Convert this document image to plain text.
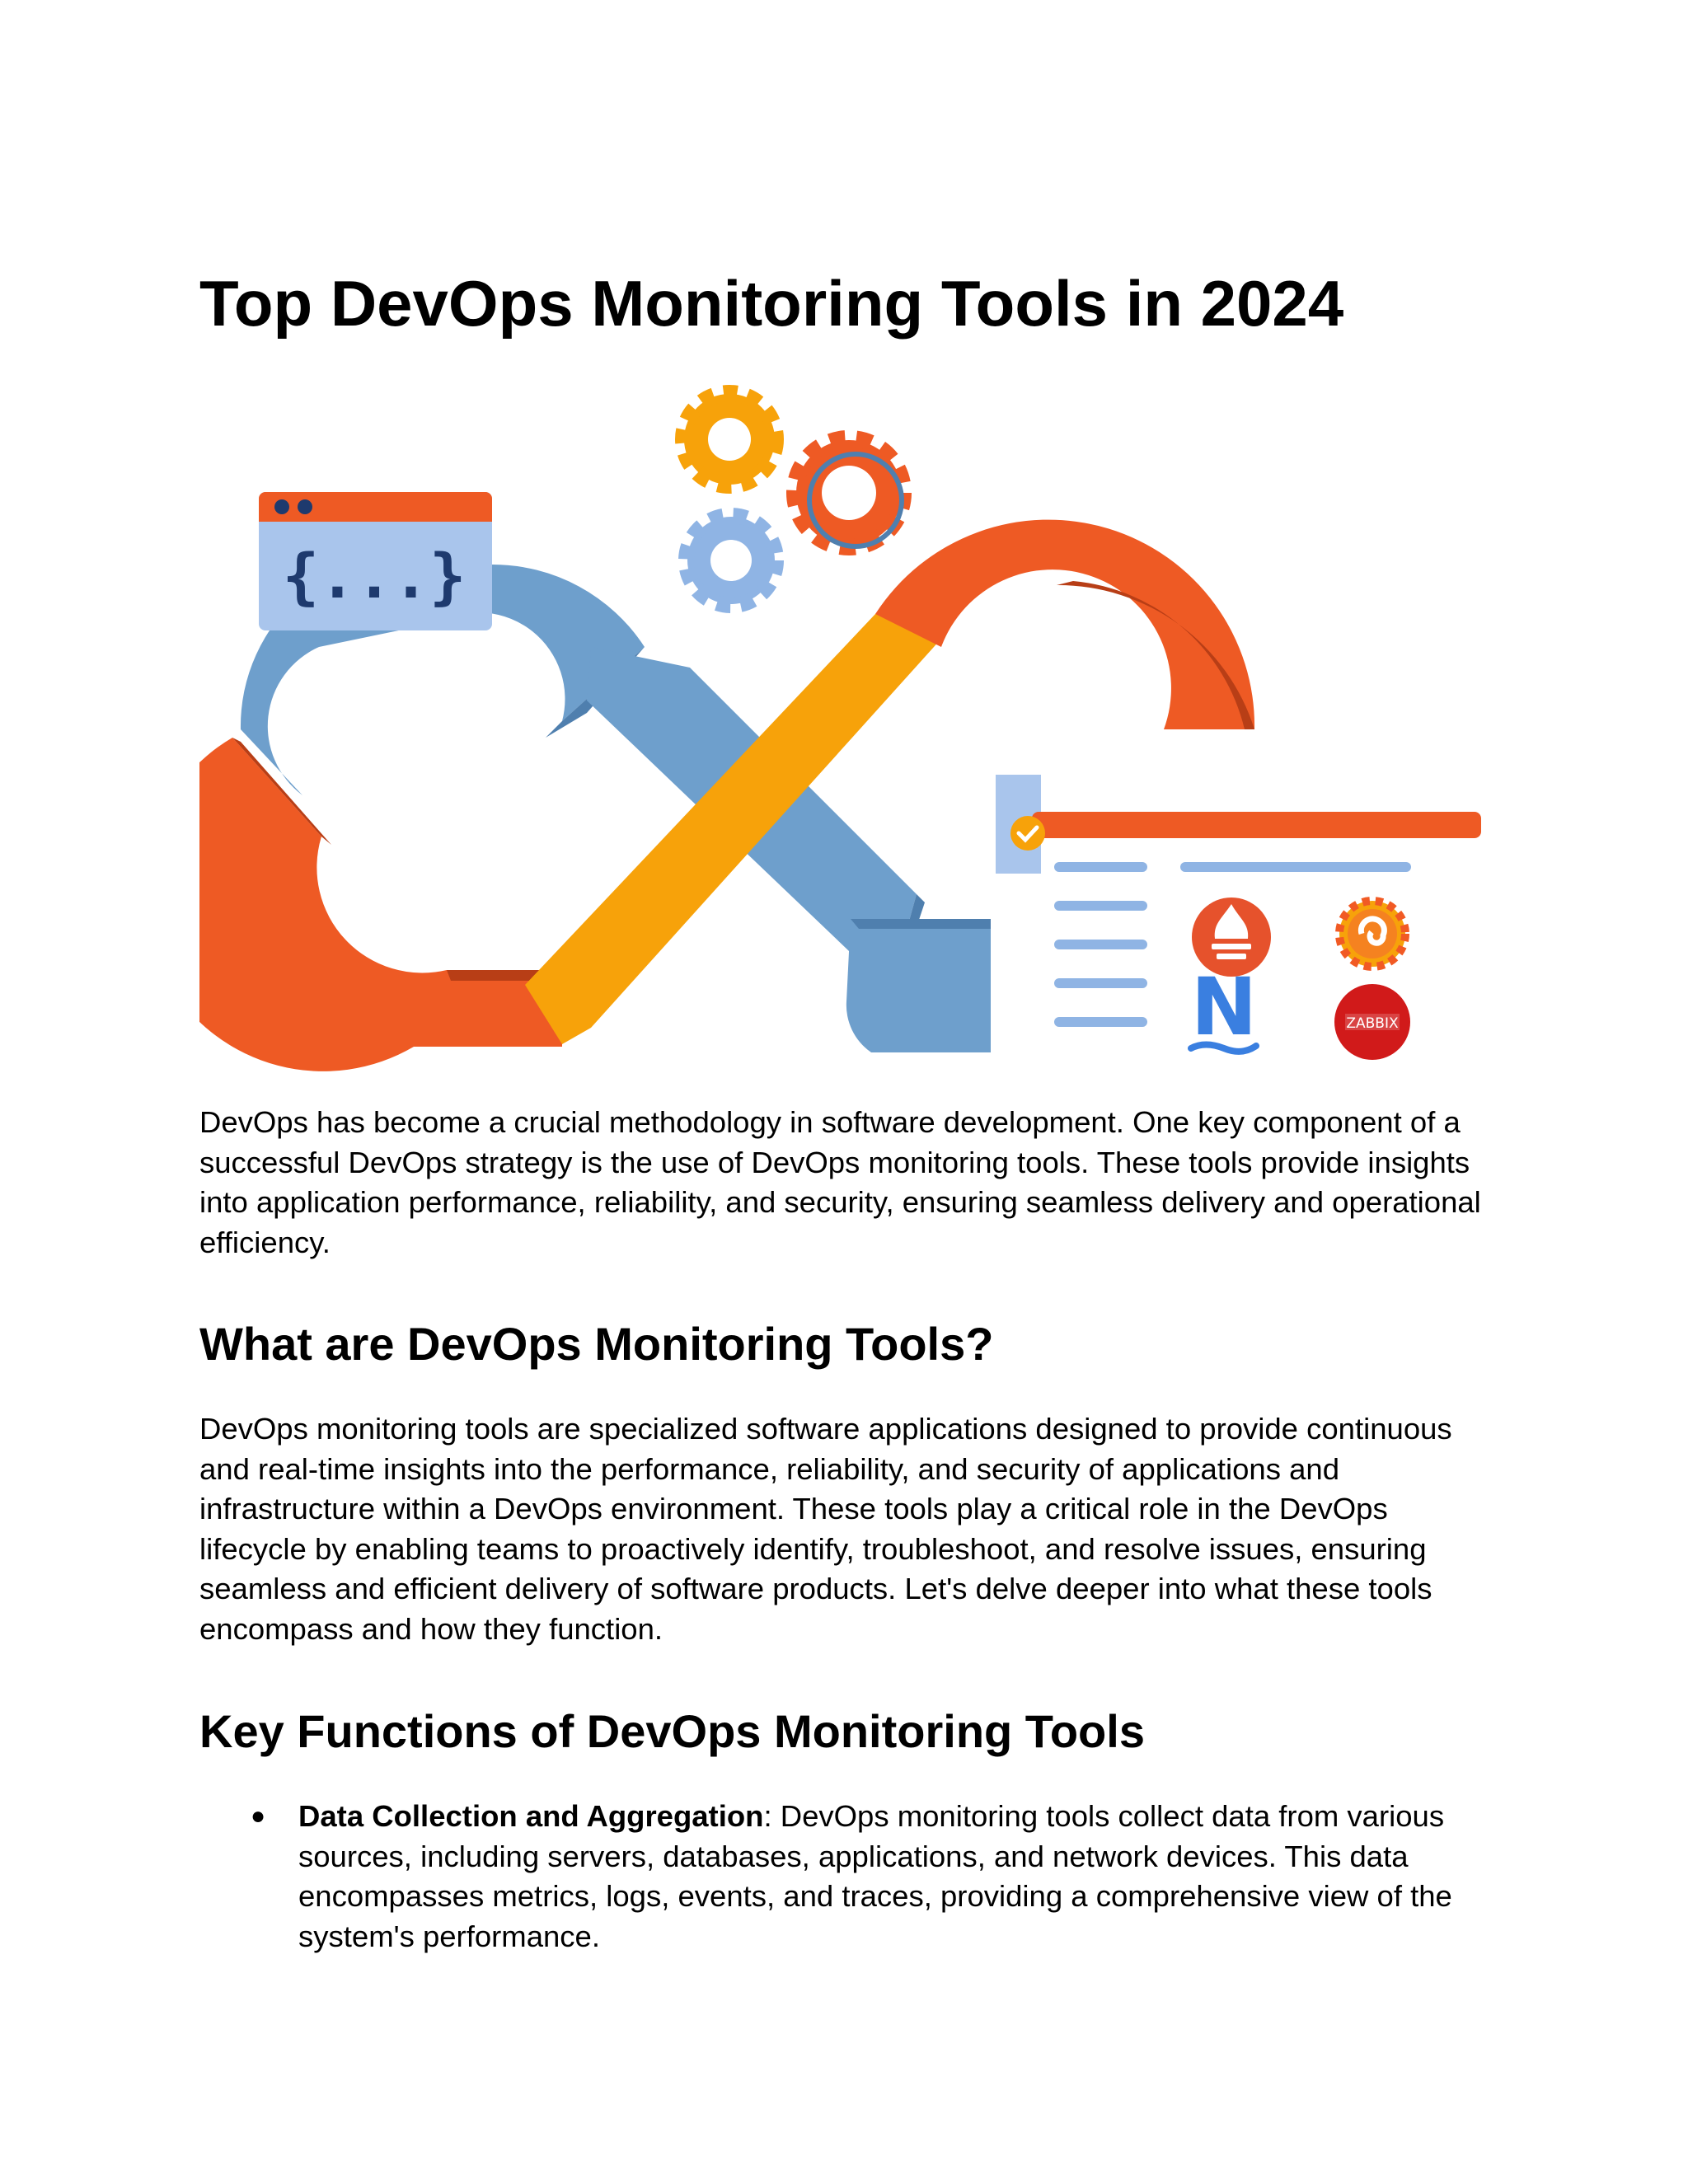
Top DevOps Monitoring Tools in 2024
{...}
N	ZABBIX

DevOps has become a crucial methodology in software development. One key component of a successful DevOps strategy is the use of DevOps monitoring tools. These tools provide insights into application performance, reliability, and security, ensuring seamless delivery and operational efficiency.

What are DevOps Monitoring Tools?

DevOps monitoring tools are specialized software applications designed to provide continuous and real-time insights into the performance, reliability, and security of applications and infrastructure within a DevOps environment. These tools play a critical role in the DevOps lifecycle by enabling teams to proactively identify, troubleshoot, and resolve issues, ensuring seamless and efficient delivery of software products. Let's delve deeper into what these tools encompass and how they function.

Key Functions of DevOps Monitoring Tools
● Data Collection and Aggregation: DevOps monitoring tools collect data from various sources, including servers, databases, applications, and network devices. This data encompasses metrics, logs, events, and traces, providing a comprehensive view of the system's performance.
